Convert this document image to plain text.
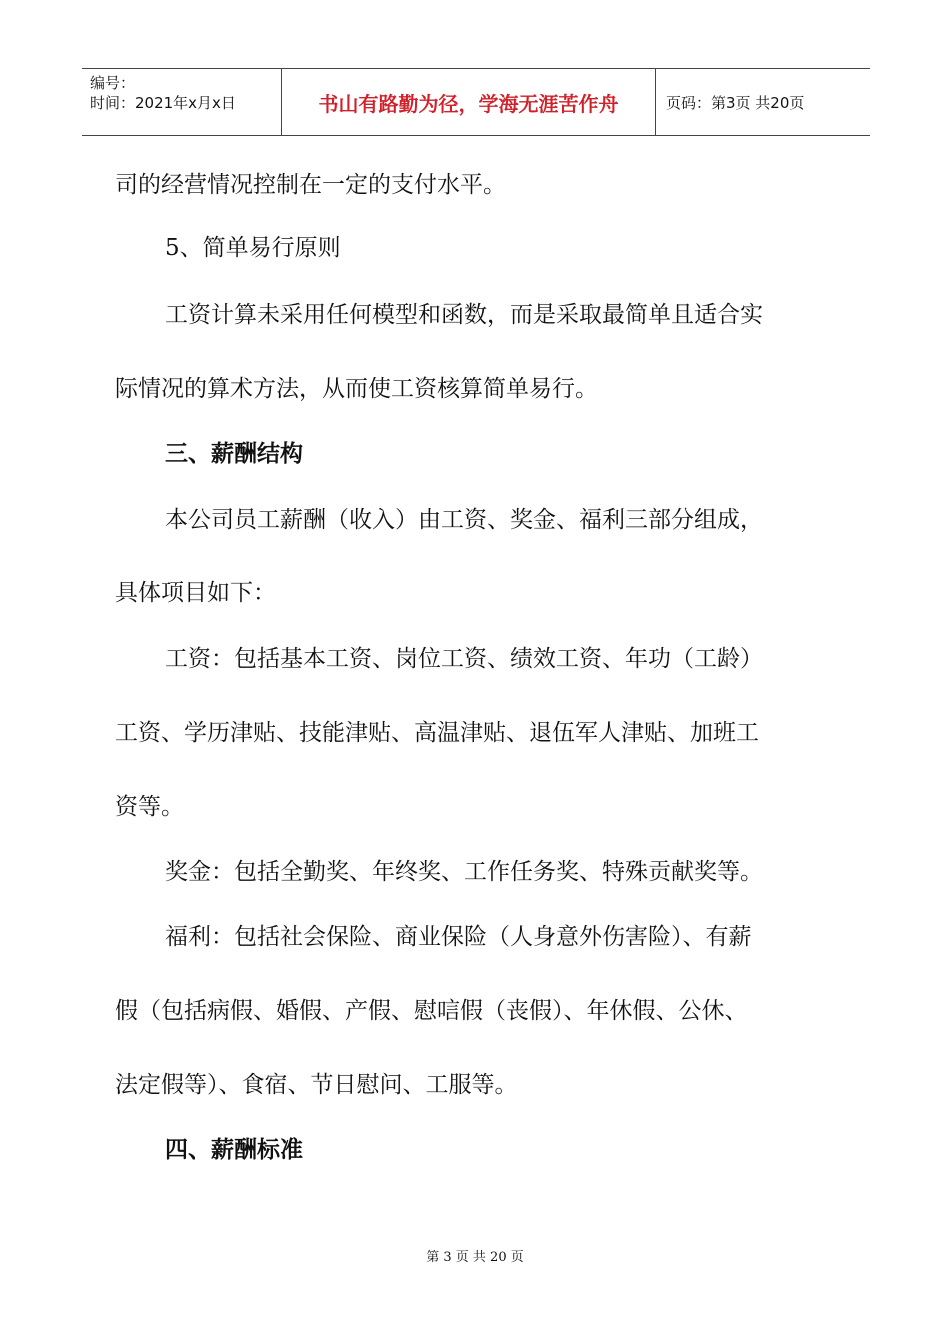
编号：
时间：2021年x月x日	书山有路勤为径，学海无涯苦作舟	页码：第3页 共20页

司的经营情况控制在一定的支付水平。

5、简单易行原则

工资计算未采用任何模型和函数，而是采取最简单且适合实

际情况的算术方法，从而使工资核算简单易行。

三、薪酬结构

本公司员工薪酬（收入）由工资、奖金、福利三部分组成，

具体项目如下：

工资：包括基本工资、岗位工资、绩效工资、年功（工龄）

工资、学历津贴、技能津贴、高温津贴、退伍军人津贴、加班工

资等。

奖金：包括全勤奖、年终奖、工作任务奖、特殊贡献奖等。

福利：包括社会保险、商业保险（人身意外伤害险）、有薪

假（包括病假、婚假、产假、慰唁假（丧假）、年休假、公休、

法定假等）、食宿、节日慰问、工服等。

四、薪酬标准

第 3 页 共 20 页
